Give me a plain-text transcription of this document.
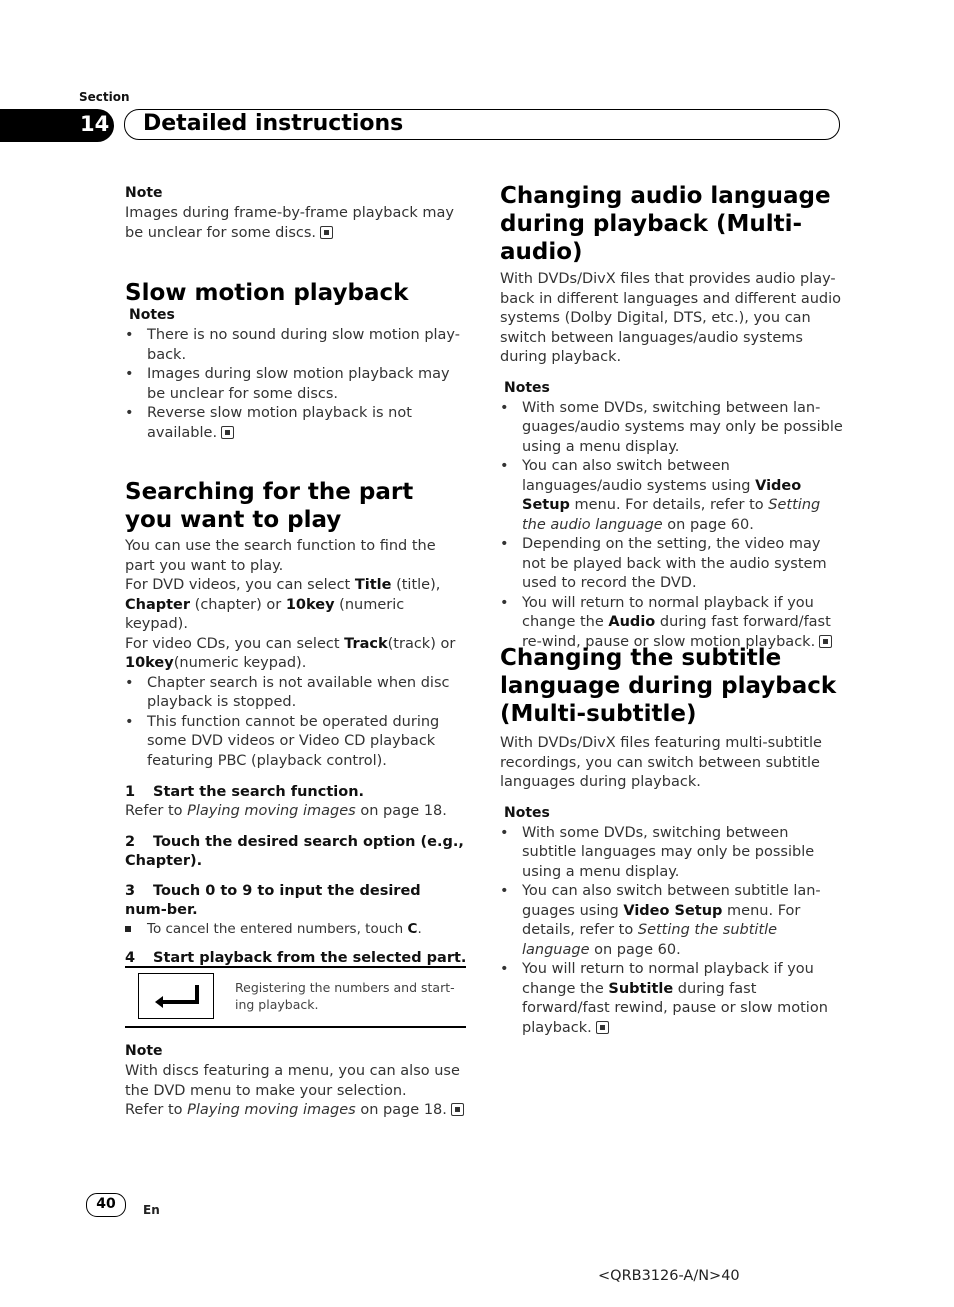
Section
14 Detailed instructions
Note
Images during frame-by-frame playback may be unclear for some discs.
Slow motion playback
Notes
• There is no sound during slow motion play-back.
• Images during slow motion playback may be unclear for some discs.
• Reverse slow motion playback is not available.
Searching for the part you want to play
You can use the search function to find the part you want to play.
For DVD videos, you can select Title (title), Chapter (chapter) or 10key (numeric keypad).
For video CDs, you can select Track(track) or 10key(numeric keypad).
• Chapter search is not available when disc playback is stopped.
• This function cannot be operated during some DVD videos or Video CD playback featuring PBC (playback control).
1 Start the search function.
Refer to Playing moving images on page 18.
2 Touch the desired search option (e.g., Chapter).
3 Touch 0 to 9 to input the desired num-ber.
To cancel the entered numbers, touch C.
4 Start playback from the selected part.
Registering the numbers and start-ing playback.
Note
With discs featuring a menu, you can also use the DVD menu to make your selection.
Refer to Playing moving images on page 18.
Changing audio language during playback (Multi-audio)
With DVDs/DivX files that provides audio play-back in different languages and different audio systems (Dolby Digital, DTS, etc.), you can switch between languages/audio systems during playback.
Notes
• With some DVDs, switching between lan-guages/audio systems may only be possible using a menu display.
• You can also switch between languages/audio systems using Video Setup menu. For details, refer to Setting the audio language on page 60.
• Depending on the setting, the video may not be played back with the audio system used to record the DVD.
• You will return to normal playback if you change the Audio during fast forward/fast re-wind, pause or slow motion playback.
Changing the subtitle language during playback (Multi-subtitle)
With DVDs/DivX files featuring multi-subtitle recordings, you can switch between subtitle languages during playback.
Notes
• With some DVDs, switching between subtitle languages may only be possible using a menu display.
• You can also switch between subtitle lan-guages using Video Setup menu. For details, refer to Setting the subtitle language on page 60.
• You will return to normal playback if you change the Subtitle during fast forward/fast rewind, pause or slow motion playback.
40	En
<QRB3126-A/N>40
